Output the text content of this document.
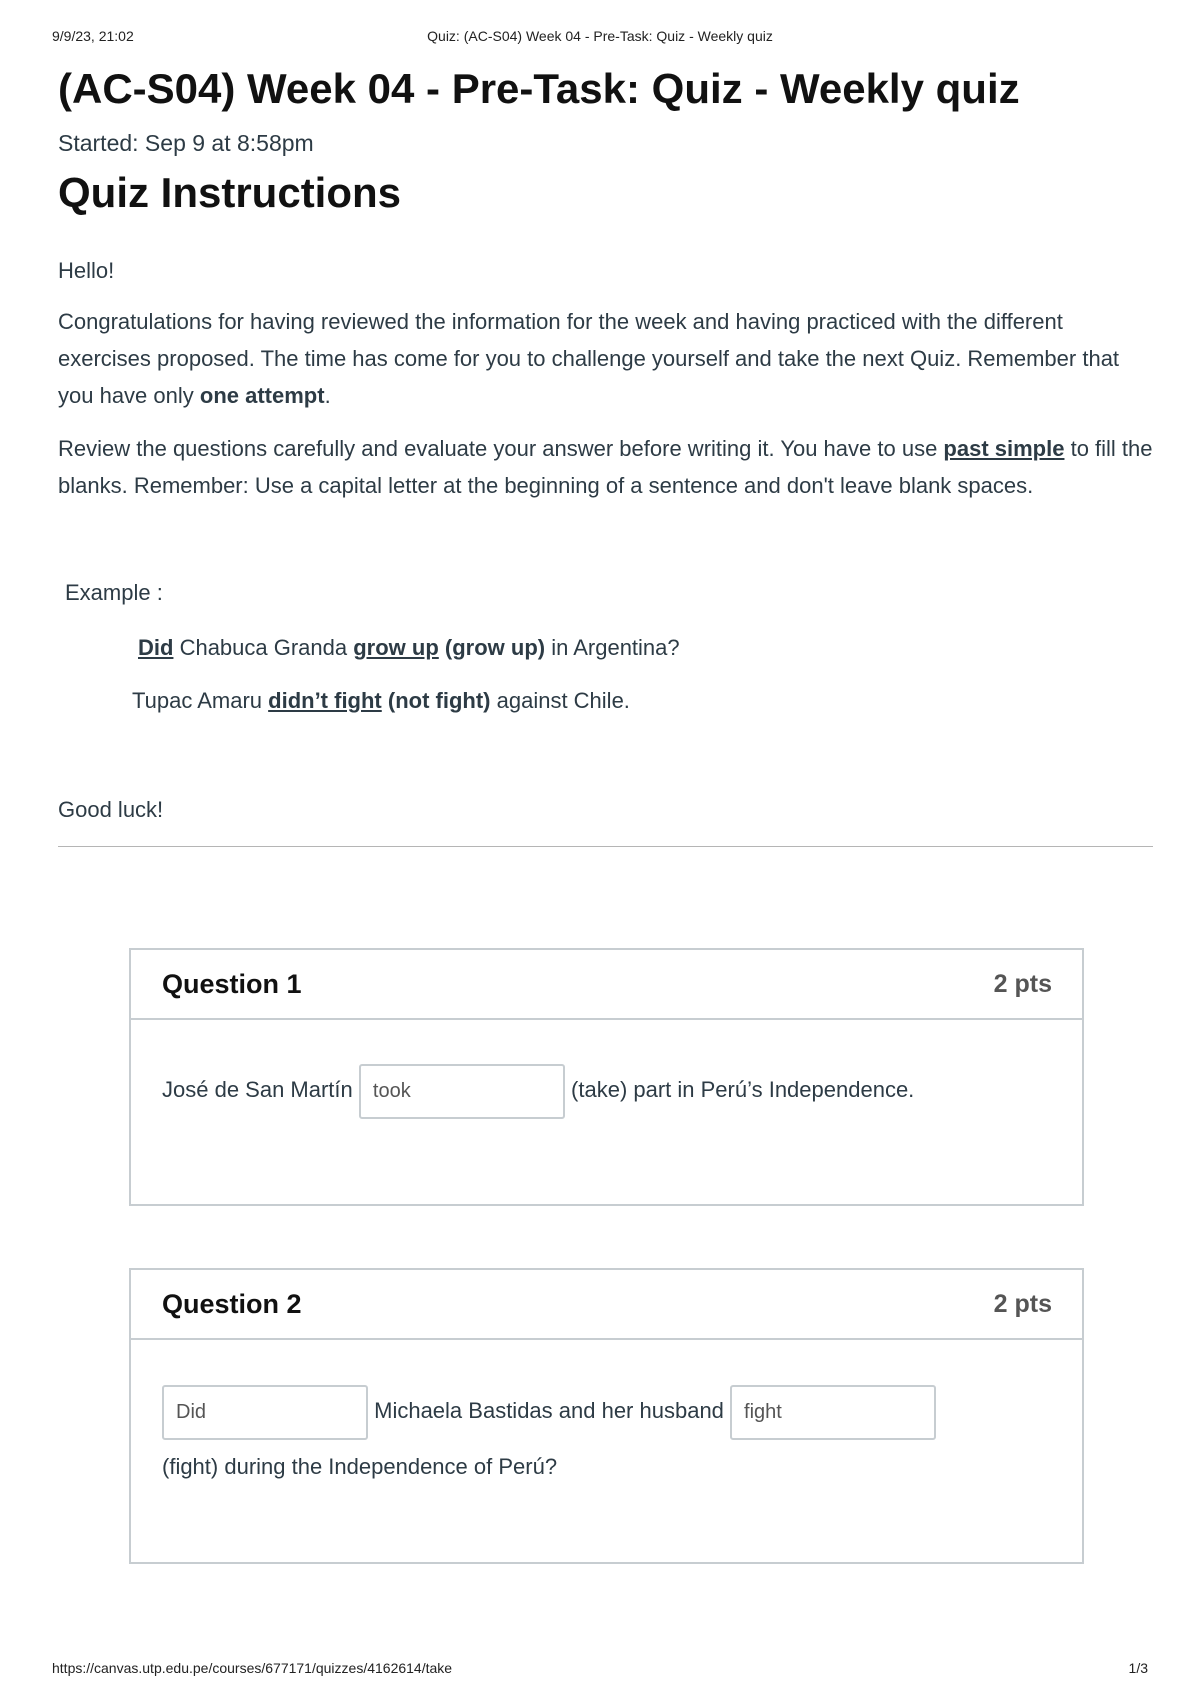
9/9/23, 21:02	Quiz: (AC-S04) Week 04 - Pre-Task: Quiz - Weekly quiz
(AC-S04) Week 04 - Pre-Task: Quiz - Weekly quiz
Started: Sep 9 at 8:58pm
Quiz Instructions

Hello!

Congratulations for having reviewed the information for the week and having practiced with the different exercises proposed. The time has come for you to challenge yourself and take the next Quiz. Remember that you have only one attempt.

Review the questions carefully and evaluate your answer before writing it. You have to use past simple to fill the blanks. Remember: Use a capital letter at the beginning of a sentence and don't leave blank spaces.

Example :

Did Chabuca Granda grow up (grow up) in Argentina?

Tupac Amaru didn’t fight (not fight) against Chile.

Good luck!

Question 1	2 pts
José de San Martín took	(take) part in Perú’s Independence.
Question 2	2 pts
Did	Michaela Bastidas and her husband fight
(fight) during the Independence of Perú?
https://canvas.utp.edu.pe/courses/677171/quizzes/4162614/take	1/3
